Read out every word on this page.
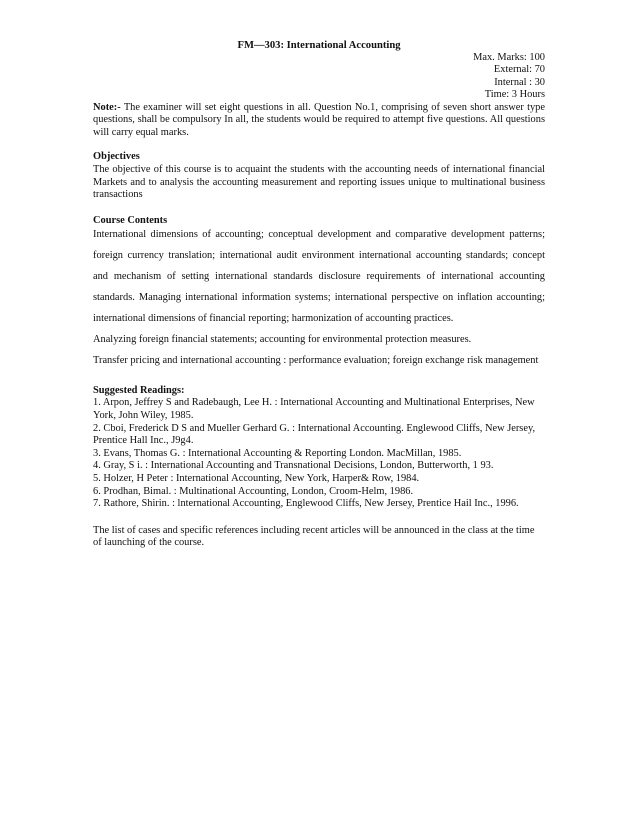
FM—303: International Accounting
Max. Marks: 100
External: 70
Internal : 30
Time: 3 Hours
Note:- The examiner will set eight questions in all. Question No.1, comprising of seven short answer type questions, shall be compulsory In all, the students would be required to attempt five questions. All questions will carry equal marks.
Objectives
The objective of this course is to acquaint the students with the accounting needs of international financial Markets and to analysis the accounting measurement and reporting issues unique to multinational business transactions
Course Contents
International dimensions of accounting; conceptual development and comparative development patterns;
foreign currency translation; international audit environment international accounting standards; concept
and mechanism of setting international standards disclosure requirements of international accounting
standards. Managing international information systems; international perspective on inflation accounting;
international dimensions of financial reporting; harmonization of accounting practices.
Analyzing foreign financial statements; accounting for environmental protection measures.
Transfer pricing and international accounting : performance evaluation; foreign exchange risk management
Suggested Readings:
1. Arpon, Jeffrey S and Radebaugh, Lee H. : International Accounting and Multinational Enterprises, New York, John Wiley, 1985.
2. Cboi, Frederick D S and Mueller Gerhard G. : International Accounting. Englewood Cliffs, New Jersey, Prentice Hall Inc., J9g4.
3. Evans, Thomas G. : International Accounting & Reporting London. MacMillan, 1985.
4. Gray, S i. : International Accounting and Transnational Decisions, London, Butterworth, 1 93.
5. Holzer, H Peter : International Accounting, New York, Harper& Row, 1984.
6. Prodhan, Bimal. : Multinational Accounting, London, Croom-Helm, 1986.
7. Rathore, Shirin. : lnternational Accounting, Englewood Cliffs, New Jersey, Prentice Hail Inc., 1996.
The list of cases and specific references including recent articles will be announced in the class at the time of launching of the course.
